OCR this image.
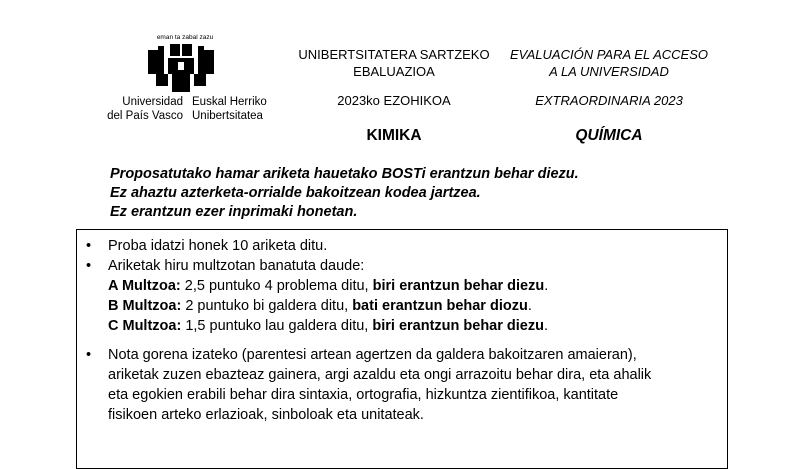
eman ta zabal zazu
Universidad
del País Vasco
Euskal Herriko
Unibertsitatea
UNIBERTSITATERA SARTZEKO
EBALUAZIOA
2023ko EZOHIKOA
KIMIKA
EVALUACIÓN PARA EL ACCESO
A LA UNIVERSIDAD
EXTRAORDINARIA 2023
QUÍMICA
Proposatutako hamar ariketa hauetako BOSTi erantzun behar diezu.
Ez ahaztu azterketa-orrialde bakoitzean kodea jartzea.
Ez erantzun ezer inprimaki honetan.
• Proba idatzi honek 10 ariketa ditu.
• Ariketak hiru multzotan banatuta daude:
A Multzoa: 2,5 puntuko 4 problema ditu, biri erantzun behar diezu.
B Multzoa: 2 puntuko bi galdera ditu, bati erantzun behar diozu.
C Multzoa: 1,5 puntuko lau galdera ditu, biri erantzun behar diezu.
• Nota gorena izateko (parentesi artean agertzen da galdera bakoitzaren amaieran),
ariketak zuzen ebazteaz gainera, argi azaldu eta ongi arrazoitu behar dira, eta ahalik
eta egokien erabili behar dira sintaxia, ortografia, hizkuntza zientifikoa, kantitate
fisikoen arteko erlazioak, sinboloak eta unitateak.
